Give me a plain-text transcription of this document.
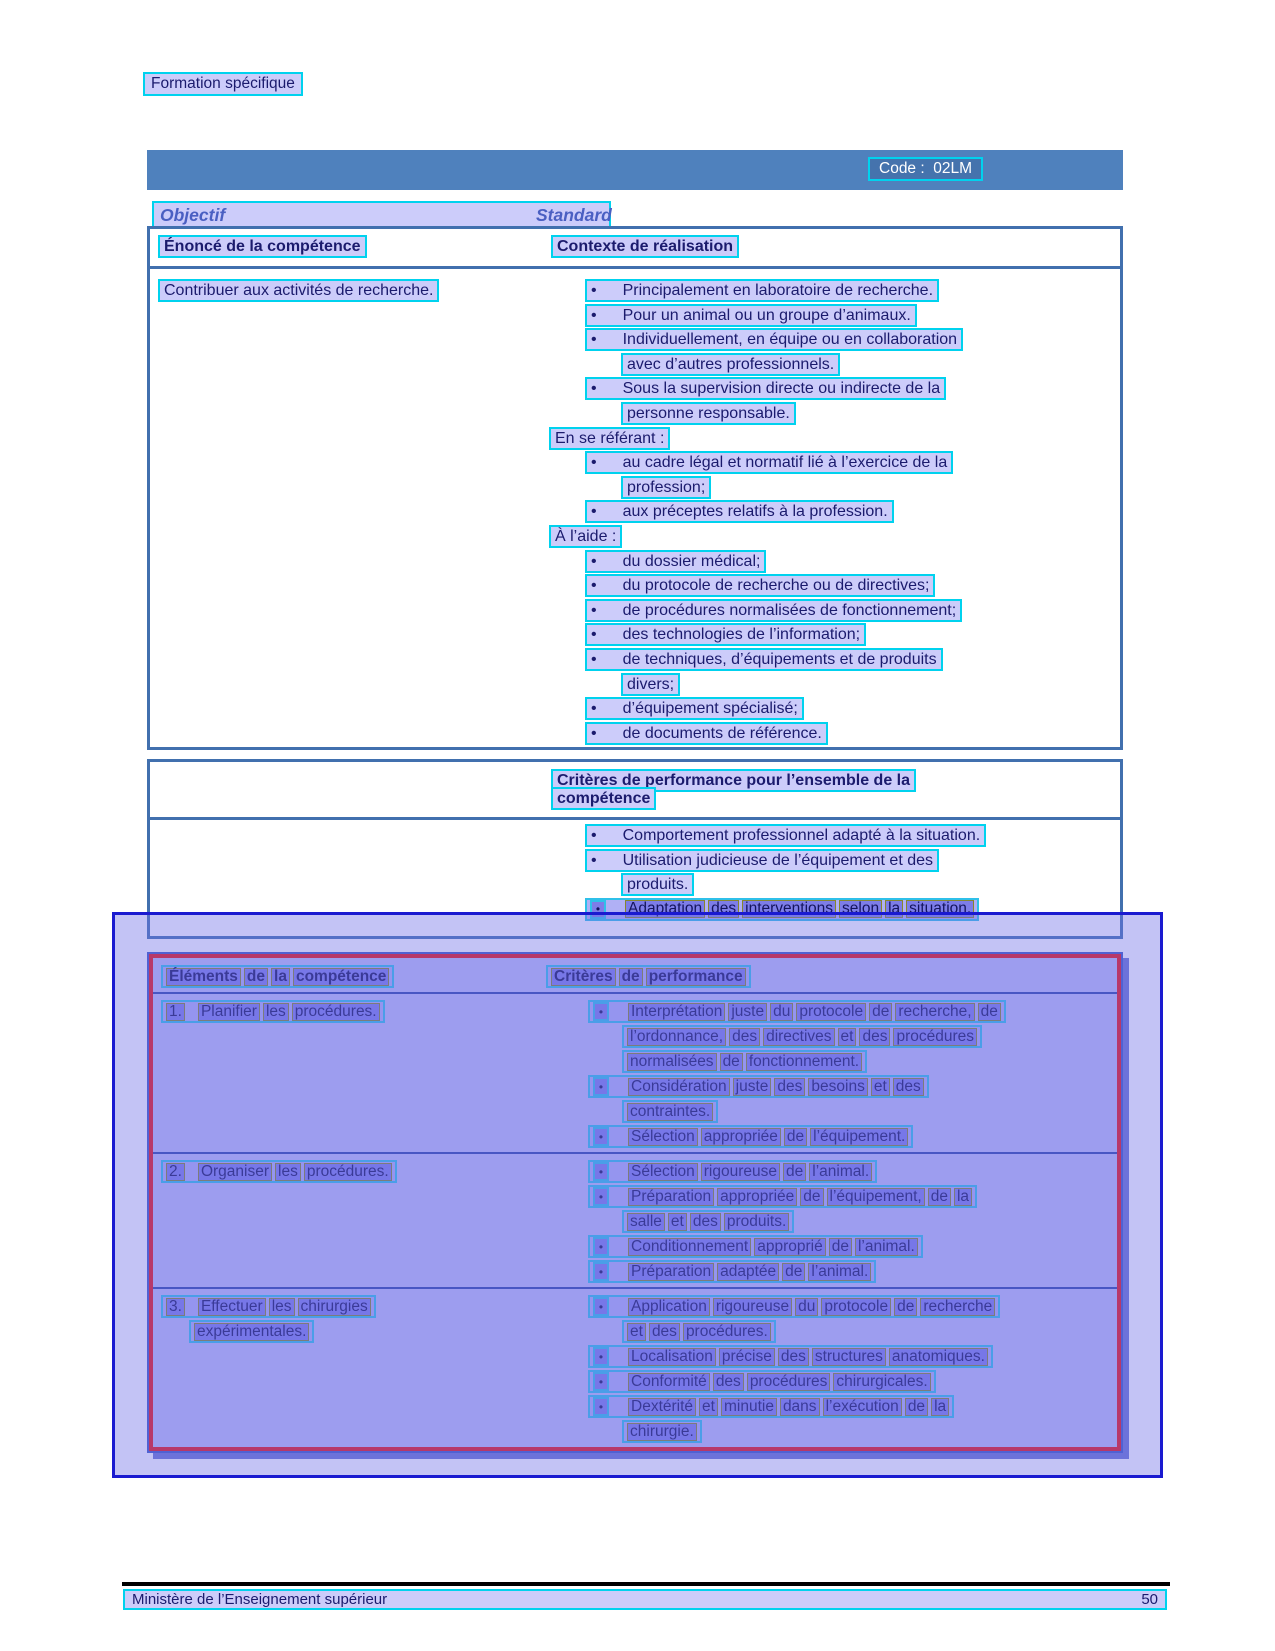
Formation spécifique
Code :  02LM
Objectif	Standard
Énoncé de la compétence	Contexte de réalisation
Contribuer aux activités de recherche.	• Principalement en laboratoire de recherche.
• Pour un animal ou un groupe d’animaux.
• Individuellement, en équipe ou en collaboration
avec d’autres professionnels.
• Sous la supervision directe ou indirecte de la
personne responsable.
En se référant :
• au cadre légal et normatif lié à l’exercice de la
profession;
• aux préceptes relatifs à la profession.
À l’aide :
• du dossier médical;
• du protocole de recherche ou de directives;
• de procédures normalisées de fonctionnement;
• des technologies de l’information;
• de techniques, d’équipements et de produits
divers;
• d’équipement spécialisé;
• de documents de référence.
Critères de performance pour l’ensemble de la
compétence
• Comportement professionnel adapté à la situation.
• Utilisation judicieuse de l’équipement et des
produits.
•	Adaptation des interventions selon la situation.
Éléments de la compétence	Critères de performance
1. Planifier les procédures.	•	Interprétation juste du protocole de recherche, de
l’ordonnance, des directives et des procédures
normalisées de fonctionnement.
•	Considération juste des besoins et des
contraintes.
•	Sélection appropriée de l’équipement.
2. Organiser les procédures.	•	Sélection rigoureuse de l’animal.
•	Préparation appropriée de l’équipement, de la
salle et des produits.
•	Conditionnement approprié de l’animal.
•	Préparation adaptée de l’animal.
3. Effectuer les chirurgies
expérimentales.
•	Application rigoureuse du protocole de recherche
et des procédures.
•	Localisation précise des structures anatomiques.
•	Conformité des procédures chirurgicales.
•	Dextérité et minutie dans l’exécution de la
chirurgie.
Ministère de l’Enseignement supérieur	50
